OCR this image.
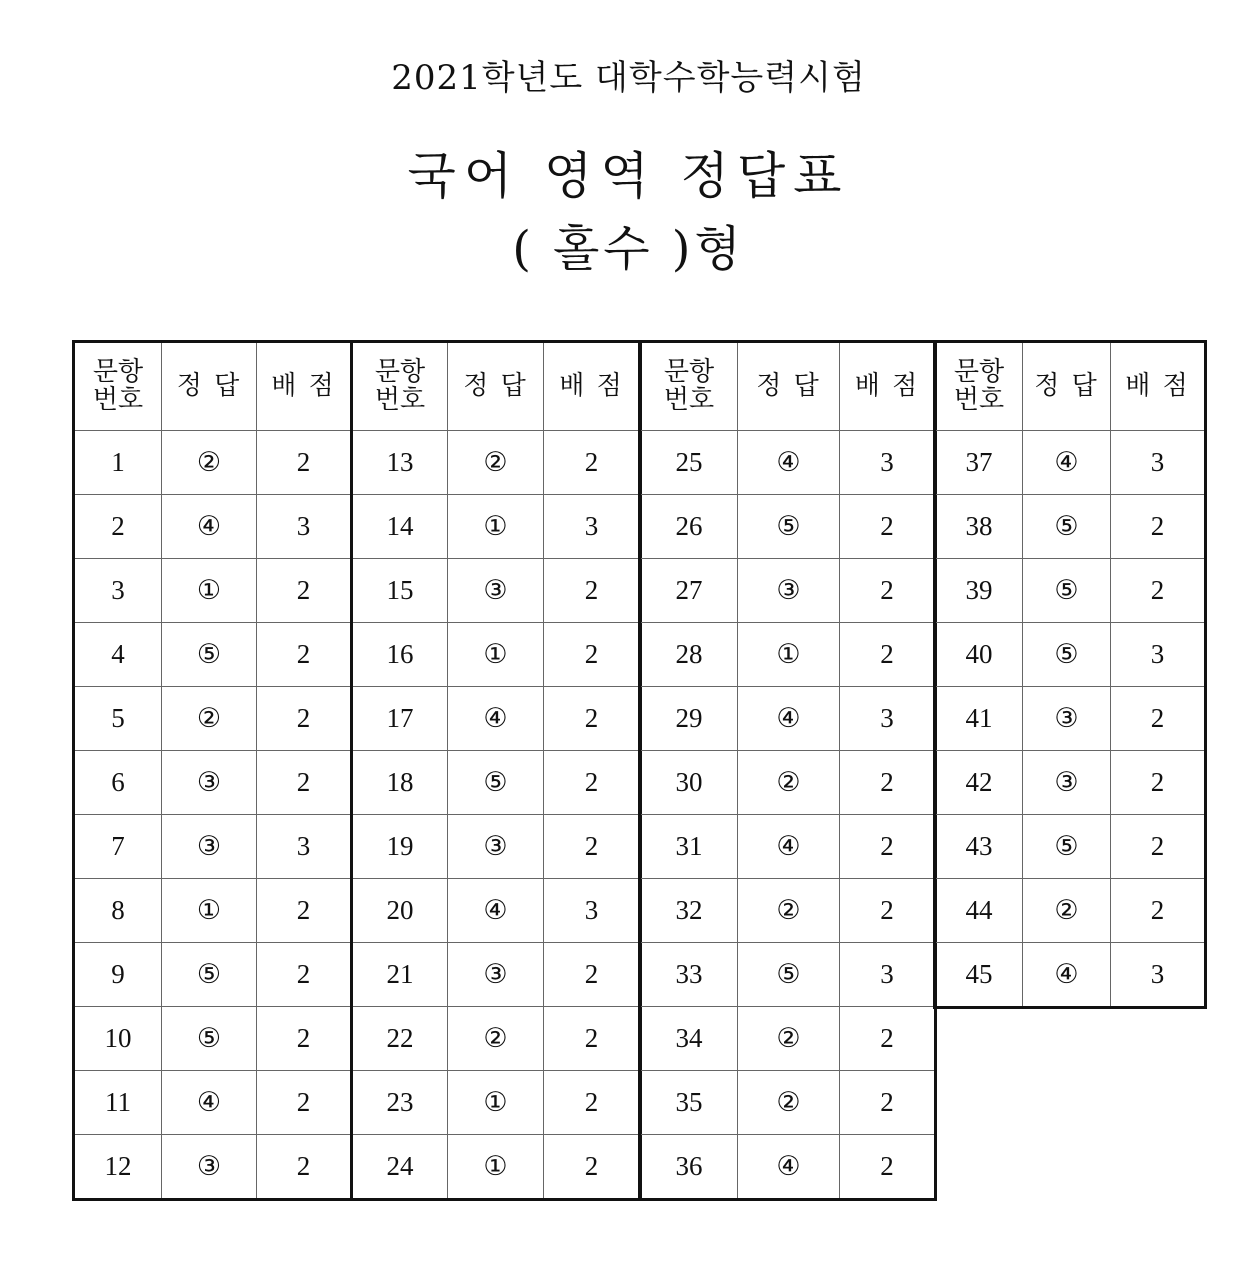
2021학년도 대학수학능력시험
국어 영역 정답표
( 홀수 )형
문항
번호	정 답	배 점
1	②	2
2	④	3
3	①	2
4	⑤	2
5	②	2
6	③	2
7	③	3
8	①	2
9	⑤	2
10	⑤	2
11	④	2
12	③	2
문항
번호	정 답	배 점
13	②	2
14	①	3
15	③	2
16	①	2
17	④	2
18	⑤	2
19	③	2
20	④	3
21	③	2
22	②	2
23	①	2
24	①	2
문항
번호	정 답	배 점
25	④	3
26	⑤	2
27	③	2
28	①	2
29	④	3
30	②	2
31	④	2
32	②	2
33	⑤	3
34	②	2
35	②	2
36	④	2
문항
번호	정 답	배 점
37	④	3
38	⑤	2
39	⑤	2
40	⑤	3
41	③	2
42	③	2
43	⑤	2
44	②	2
45	④	3
